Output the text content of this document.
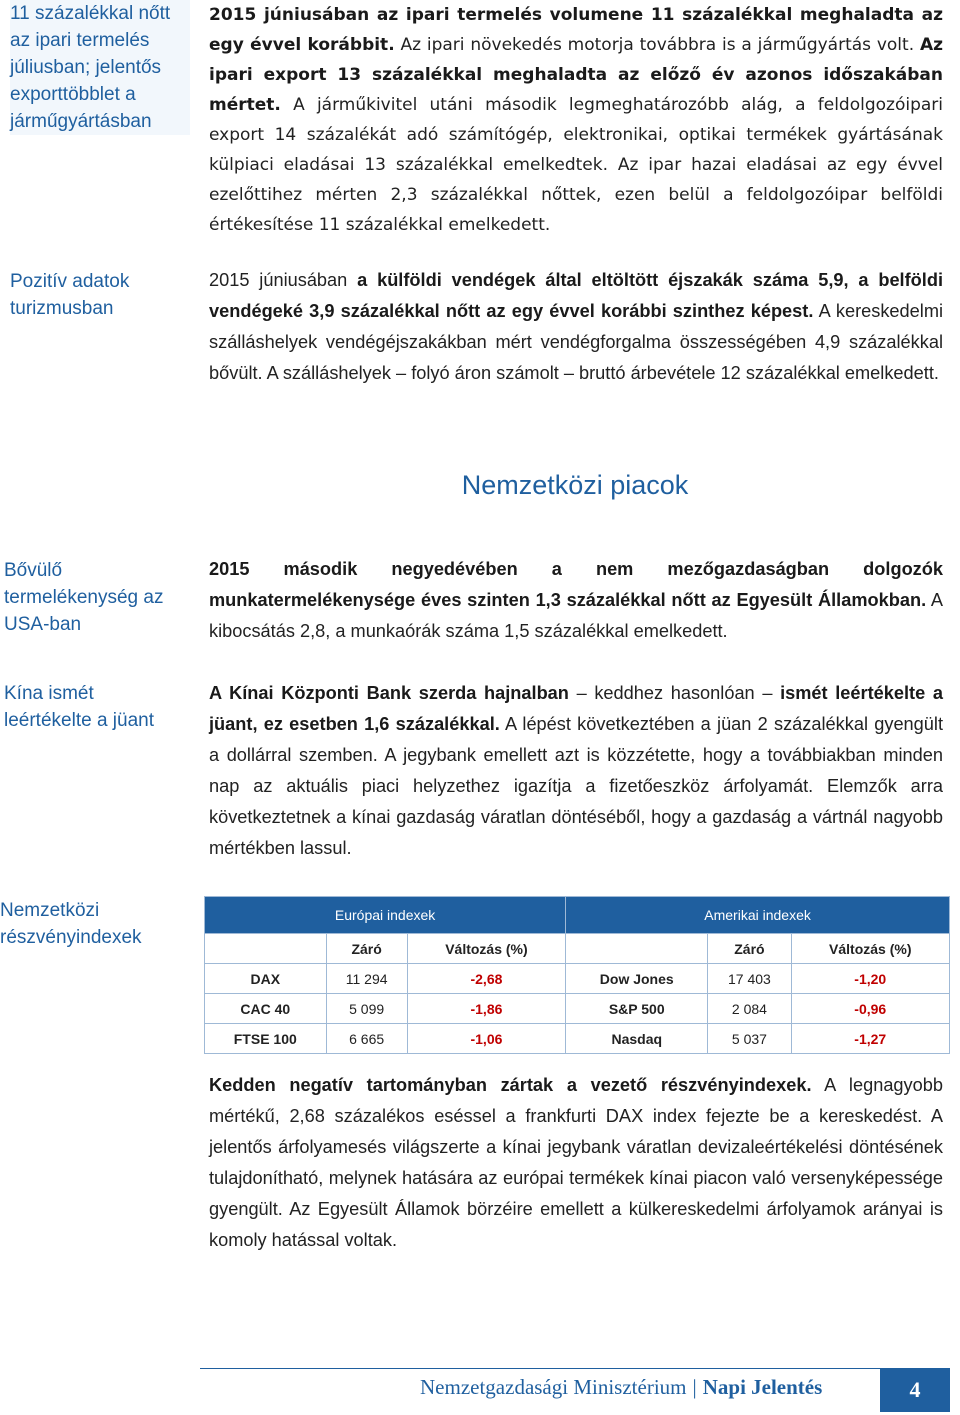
11 százalékkal nőtt az ipari termelés júliusban; jelentős exporttöbblet a járműgyártásban
2015 júniusában az ipari termelés volumene 11 százalékkal meghaladta az egy évvel korábbit. Az ipari növekedés motorja továbbra is a járműgyártás volt. Az ipari export 13 százalékkal meghaladta az előző év azonos időszakában mértet. A járműkivitel utáni második legmeghatározóbb alág, a feldolgozóipari export 14 százalékát adó számítógép, elektronikai, optikai termékek gyártásának külpiaci eladásai 13 százalékkal emelkedtek. Az ipar hazai eladásai az egy évvel ezelőttihez mérten 2,3 százalékkal nőttek, ezen belül a feldolgozóipar belföldi értékesítése 11 százalékkal emelkedett.
Pozitív adatok turizmusban
2015 júniusában a külföldi vendégek által eltöltött éjszakák száma 5,9, a belföldi vendégeké 3,9 százalékkal nőtt az egy évvel korábbi szinthez képest. A kereskedelmi szálláshelyek vendégéjszakákban mért vendégforgalma összességében 4,9 százalékkal bővült. A szálláshelyek – folyó áron számolt – bruttó árbevétele 12 százalékkal emelkedett.
Nemzetközi piacok
Bővülő termelékenység az USA-ban
2015 második negyedévében a nem mezőgazdaságban dolgozók munkatermelékenysége éves szinten 1,3 százalékkal nőtt az Egyesült Államokban. A kibocsátás 2,8, a munkaórák száma 1,5 százalékkal emelkedett.
Kína ismét leértékelte a jüant
A Kínai Központi Bank szerda hajnalban – keddhez hasonlóan – ismét leértékelte a jüant, ez esetben 1,6 százalékkal. A lépést következtében a jüan 2 százalékkal gyengült a dollárral szemben. A jegybank emellett azt is közzétette, hogy a továbbiakban minden nap az aktuális piaci helyzethez igazítja a fizetőeszköz árfolyamát. Elemzők arra következtetnek a kínai gazdaság váratlan döntéséből, hogy a gazdaság a vártnál nagyobb mértékben lassul.
Nemzetközi részvényindexek
Európai indexek			Amerikai indexek		
	Záró	Változás (%)		Záró	Változás (%)
DAX	11 294	-2,68	Dow Jones	17 403	-1,20
CAC 40	5 099	-1,86	S&P 500	2 084	-0,96
FTSE 100	6 665	-1,06	Nasdaq	5 037	-1,27
Kedden negatív tartományban zártak a vezető részvényindexek. A legnagyobb mértékű, 2,68 százalékos eséssel a frankfurti DAX index fejezte be a kereskedést. A jelentős árfolyamesés világszerte a kínai jegybank váratlan devizaleértékelési döntésének tulajdonítható, melynek hatására az európai termékek kínai piacon való versenyképessége gyengült. Az Egyesült Államok börzéire emellett a külkereskedelmi árfolyamok arányai is komoly hatással voltak.
Nemzetgazdasági Minisztérium | Napi Jelentés	4
